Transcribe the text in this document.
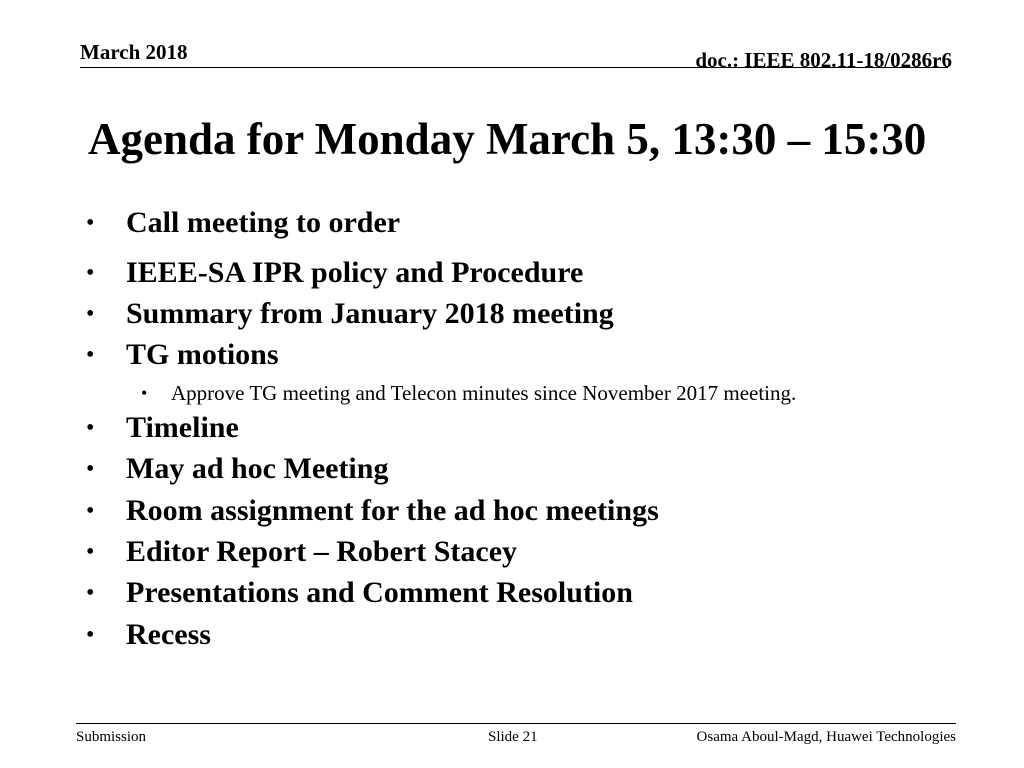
March 2018	doc.: IEEE 802.11-18/0286r6
Agenda for Monday March 5, 13:30 – 15:30
• Call meeting to order
• IEEE-SA IPR policy and Procedure
• Summary from January 2018 meeting
• TG motions
• Approve TG meeting and Telecon minutes since November 2017 meeting.
• Timeline
• May ad hoc Meeting
• Room assignment for the ad hoc meetings
• Editor Report – Robert Stacey
• Presentations and Comment Resolution
• Recess
Submission	Slide 21	Osama Aboul-Magd, Huawei Technologies
